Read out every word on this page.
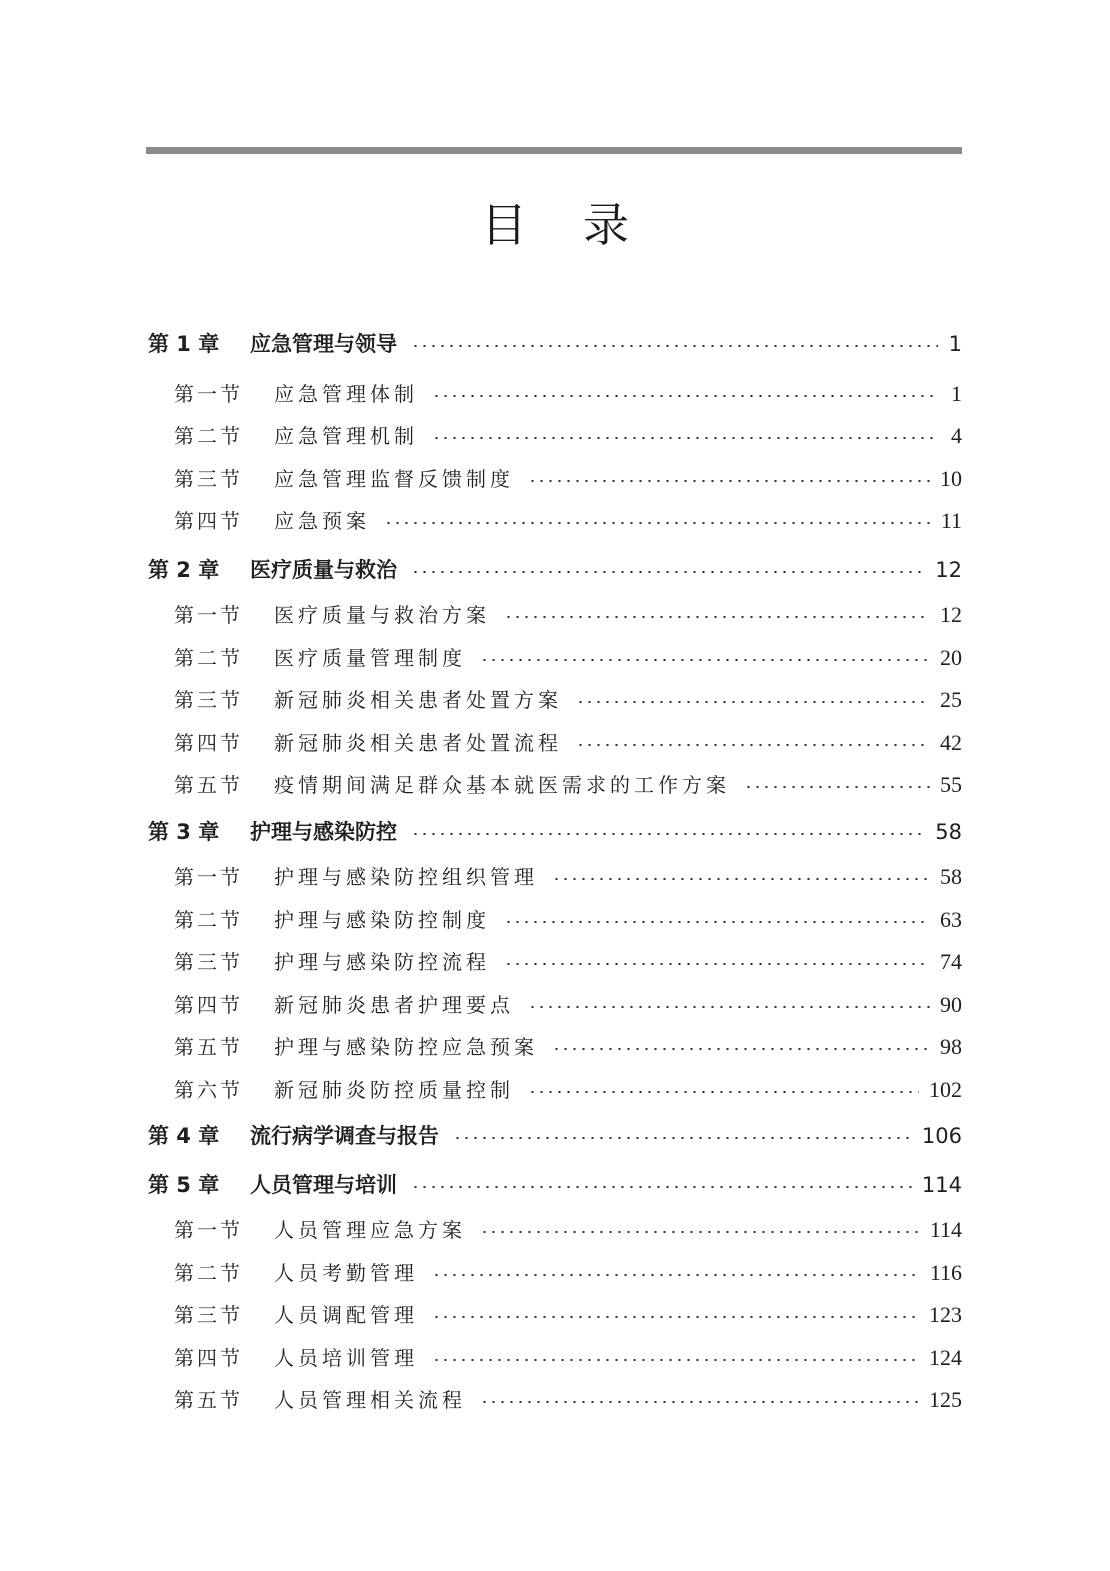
目 录
第 1 章	应急管理与领导	1
第一节	应急管理体制	1
第二节	应急管理机制	4
第三节	应急管理监督反馈制度	10
第四节	应急预案	11
第 2 章	医疗质量与救治	12
第一节	医疗质量与救治方案	12
第二节	医疗质量管理制度	20
第三节	新冠肺炎相关患者处置方案	25
第四节	新冠肺炎相关患者处置流程	42
第五节	疫情期间满足群众基本就医需求的工作方案	55
第 3 章	护理与感染防控	58
第一节	护理与感染防控组织管理	58
第二节	护理与感染防控制度	63
第三节	护理与感染防控流程	74
第四节	新冠肺炎患者护理要点	90
第五节	护理与感染防控应急预案	98
第六节	新冠肺炎防控质量控制	102
第 4 章	流行病学调查与报告	106
第 5 章	人员管理与培训	114
第一节	人员管理应急方案	114
第二节	人员考勤管理	116
第三节	人员调配管理	123
第四节	人员培训管理	124
第五节	人员管理相关流程	125
